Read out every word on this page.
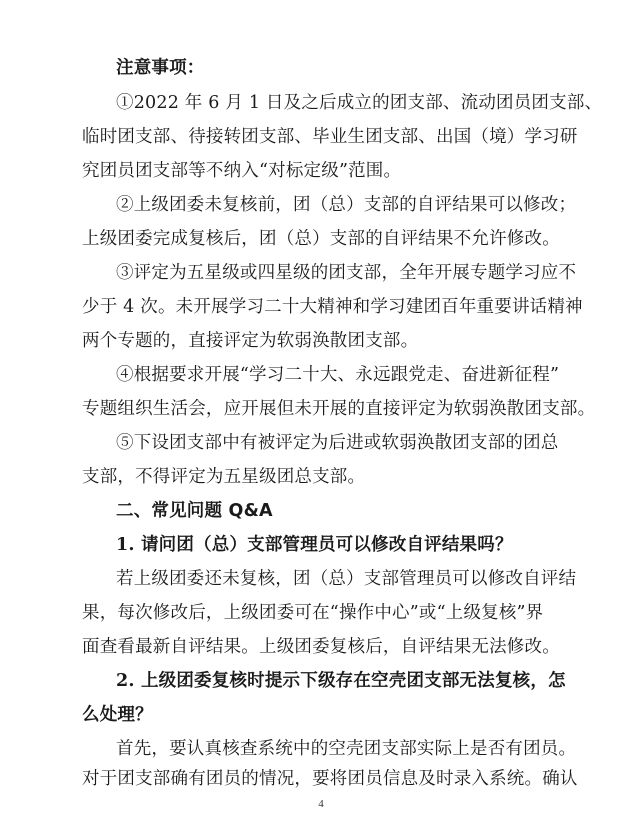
注意事项：
①2022 年 6 月 1 日及之后成立的团支部、流动团员团支部、
临时团支部、待接转团支部、毕业生团支部、出国（境）学习研
究团员团支部等不纳入“对标定级”范围。
②上级团委未复核前，团（总）支部的自评结果可以修改；
上级团委完成复核后，团（总）支部的自评结果不允许修改。
③评定为五星级或四星级的团支部，全年开展专题学习应不
少于 4 次。未开展学习二十大精神和学习建团百年重要讲话精神
两个专题的，直接评定为软弱涣散团支部。
④根据要求开展“学习二十大、永远跟党走、奋进新征程”
专题组织生活会，应开展但未开展的直接评定为软弱涣散团支部。
⑤下设团支部中有被评定为后进或软弱涣散团支部的团总
支部，不得评定为五星级团总支部。
二、常见问题 Q&A
1. 请问团（总）支部管理员可以修改自评结果吗？
若上级团委还未复核，团（总）支部管理员可以修改自评结
果，每次修改后，上级团委可在“操作中心”或“上级复核”界
面查看最新自评结果。上级团委复核后，自评结果无法修改。
2. 上级团委复核时提示下级存在空壳团支部无法复核，怎
么处理？
首先，要认真核查系统中的空壳团支部实际上是否有团员。
对于团支部确有团员的情况，要将团员信息及时录入系统。确认
4
